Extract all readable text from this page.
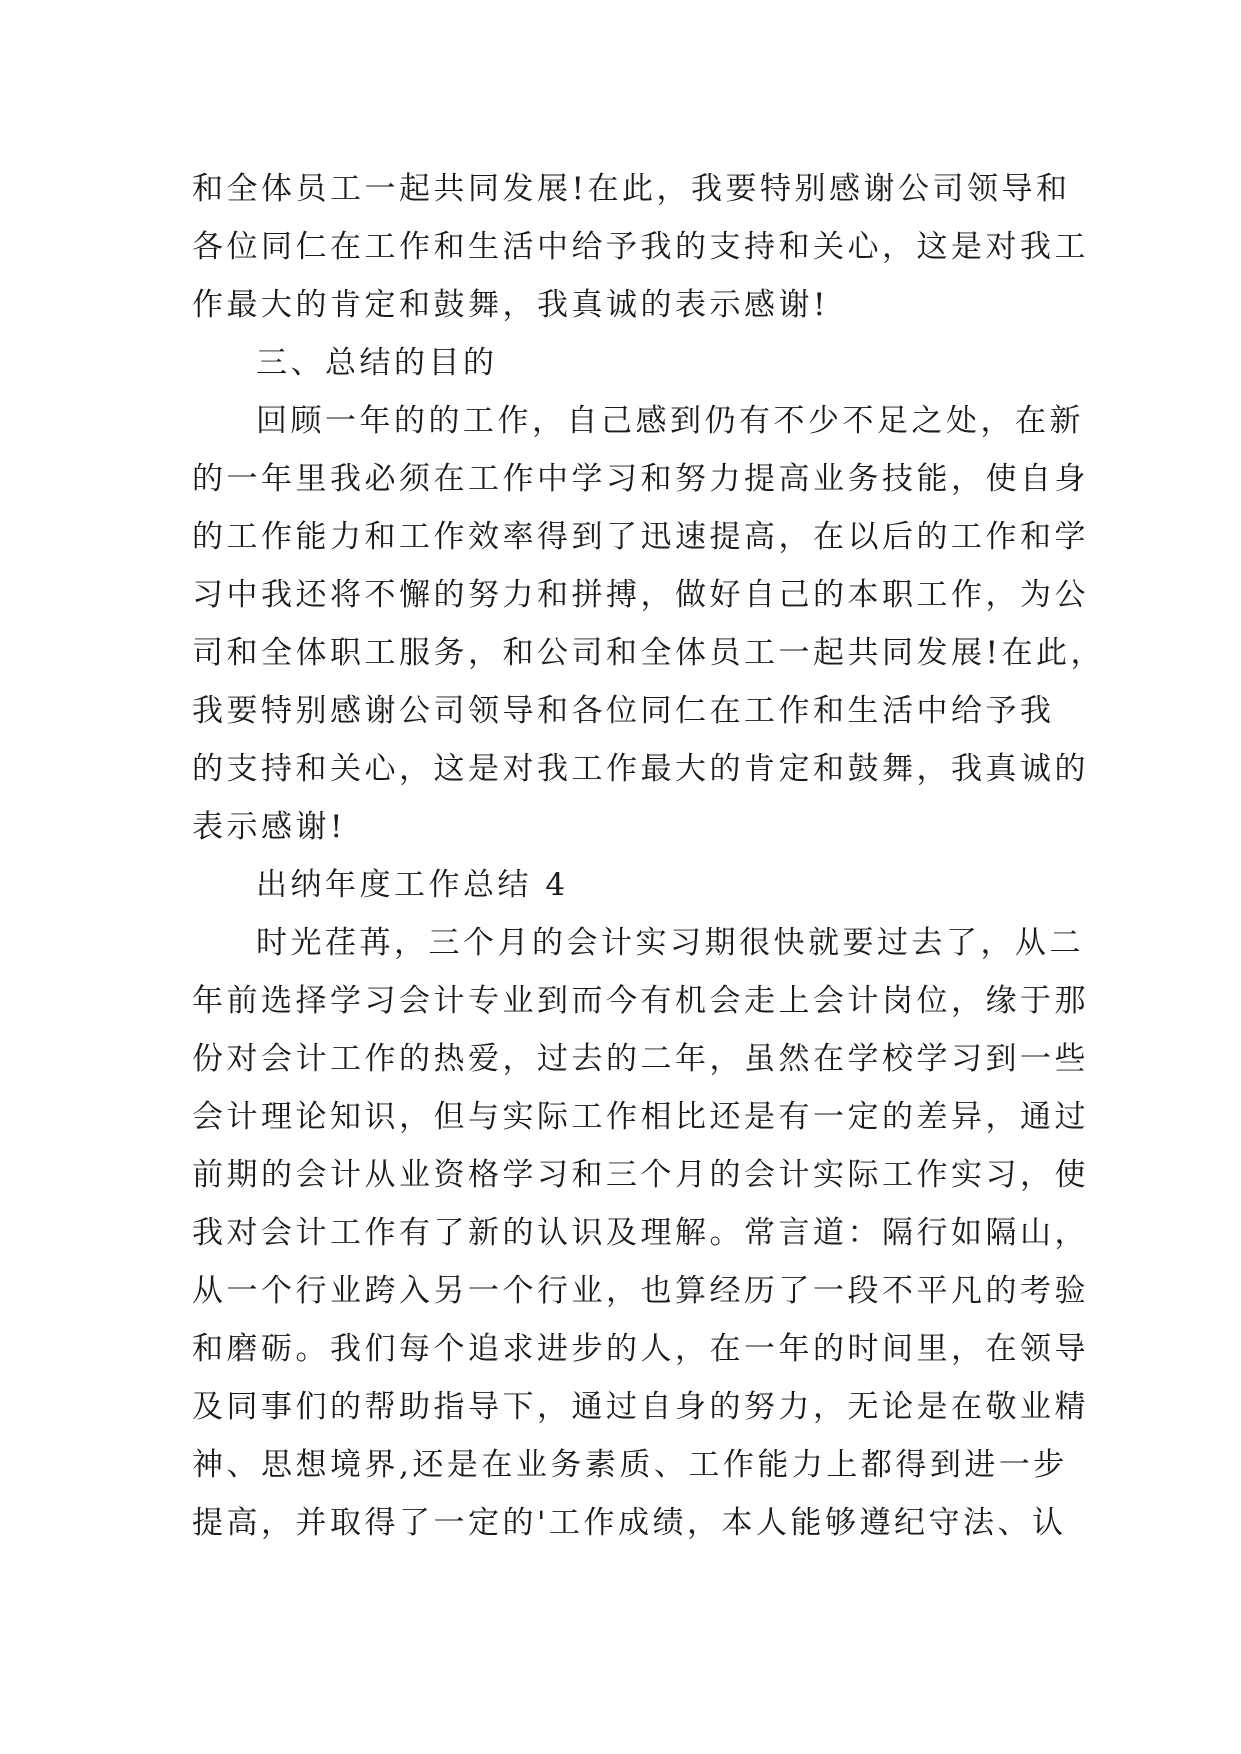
和全体员工一起共同发展!在此，我要特别感谢公司领导和

各位同仁在工作和生活中给予我的支持和关心，这是对我工

作最大的肯定和鼓舞，我真诚的表示感谢!

三、总结的目的

回顾一年的的工作，自己感到仍有不少不足之处，在新

的一年里我必须在工作中学习和努力提高业务技能，使自身

的工作能力和工作效率得到了迅速提高，在以后的工作和学

习中我还将不懈的努力和拼搏，做好自己的本职工作，为公

司和全体职工服务，和公司和全体员工一起共同发展!在此，

我要特别感谢公司领导和各位同仁在工作和生活中给予我

的支持和关心，这是对我工作最大的肯定和鼓舞，我真诚的

表示感谢!

出纳年度工作总结 4

时光荏苒，三个月的会计实习期很快就要过去了，从二

年前选择学习会计专业到而今有机会走上会计岗位，缘于那

份对会计工作的热爱，过去的二年，虽然在学校学习到一些

会计理论知识，但与实际工作相比还是有一定的差异，通过

前期的会计从业资格学习和三个月的会计实际工作实习，使

我对会计工作有了新的认识及理解。常言道：隔行如隔山，

从一个行业跨入另一个行业，也算经历了一段不平凡的考验

和磨砺。我们每个追求进步的人，在一年的时间里，在领导

及同事们的帮助指导下，通过自身的努力，无论是在敬业精

神、思想境界,还是在业务素质、工作能力上都得到进一步

提高，并取得了一定的'工作成绩，本人能够遵纪守法、认
